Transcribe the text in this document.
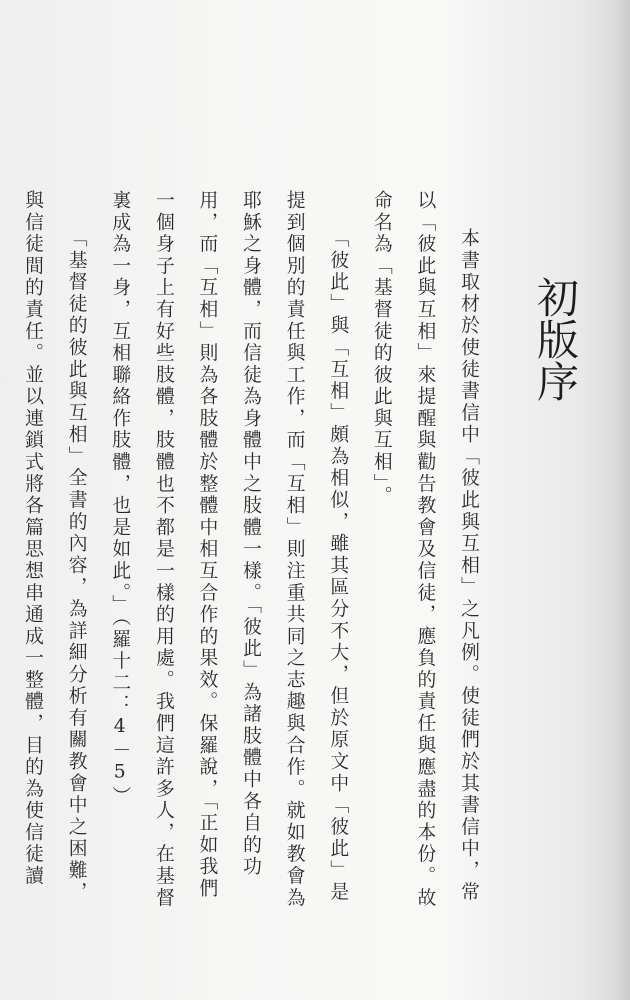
初版序

本書取材於使徒書信中「彼此與互相」之凡例。使徒們於其書信中，常以「彼此與互相」來提醒與勸告教會及信徒，應負的責任與應盡的本份。故命名為「基督徒的彼此與互相」。

「彼此」與「互相」頗為相似，雖其區分不大，但於原文中「彼此」是提到個別的責任與工作，而「互相」則注重共同之志趣與合作。就如教會為耶穌之身體，而信徒為身體中之肢體一樣。「彼此」為諸肢體中各自的功用，而「互相」則為各肢體於整體中相互合作的果效。保羅說，「正如我們一個身子上有好些肢體，肢體也不都是一樣的用處。我們這許多人，在基督裏成為一身，互相聯絡作肢體，也是如此。」（羅十二：4－5）

「基督徒的彼此與互相」全書的內容，為詳細分析有關教會中之困難，與信徒間的責任。並以連鎖式將各篇思想串通成一整體，目的為使信徒讀
